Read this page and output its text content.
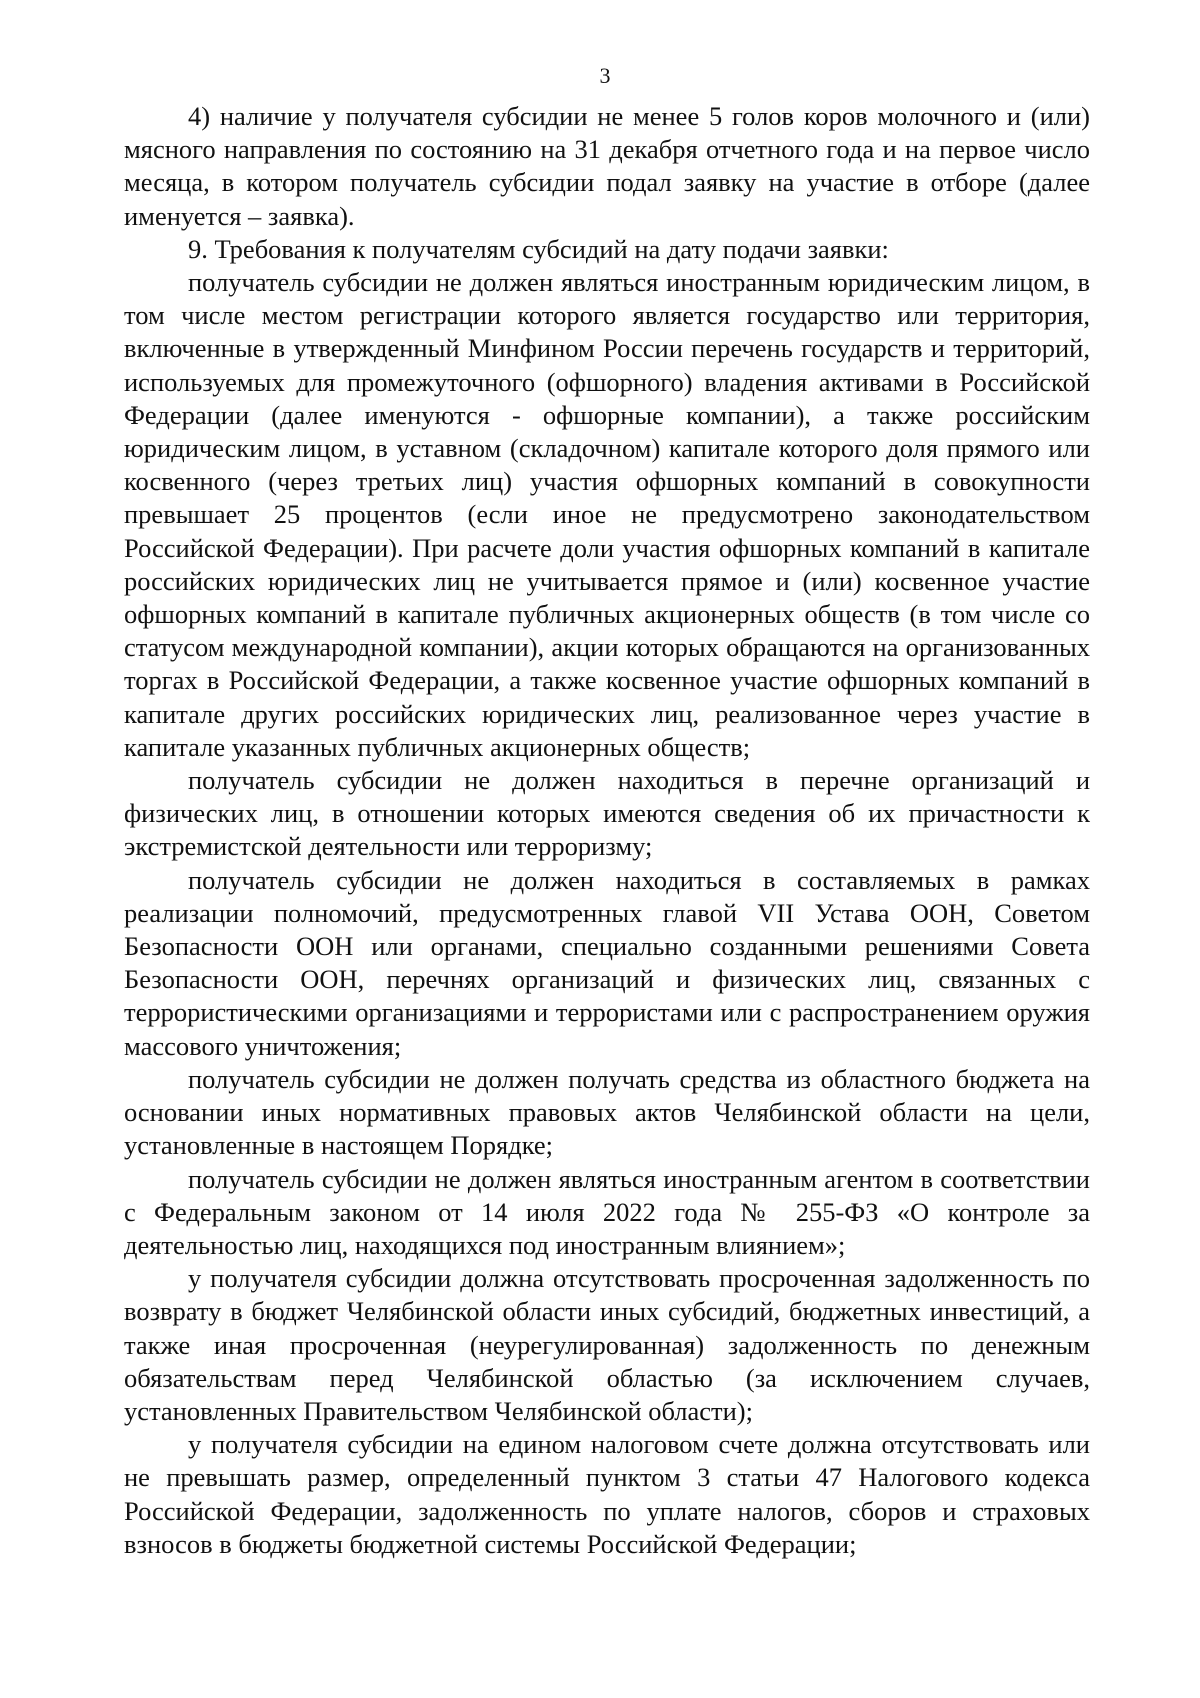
3

4) наличие у получателя субсидии не менее 5 голов коров молочного и (или) мясного направления по состоянию на 31 декабря отчетного года и на первое число месяца, в котором получатель субсидии подал заявку на участие в отборе (далее именуется – заявка).

9. Требования к получателям субсидий на дату подачи заявки:

получатель субсидии не должен являться иностранным юридическим лицом, в том числе местом регистрации которого является государство или территория, включенные в утвержденный Минфином России перечень государств и территорий, используемых для промежуточного (офшорного) владения активами в Российской Федерации (далее именуются - офшорные компании), а также российским юридическим лицом, в уставном (складочном) капитале которого доля прямого или косвенного (через третьих лиц) участия офшорных компаний в совокупности превышает 25 процентов (если иное не предусмотрено законодательством Российской Федерации). При расчете доли участия офшорных компаний в капитале российских юридических лиц не учитывается прямое и (или) косвенное участие офшорных компаний в капитале публичных акционерных обществ (в том числе со статусом международной компании), акции которых обращаются на организованных торгах в Российской Федерации, а также косвенное участие офшорных компаний в капитале других российских юридических лиц, реализованное через участие в капитале указанных публичных акционерных обществ;

получатель субсидии не должен находиться в перечне организаций и физических лиц, в отношении которых имеются сведения об их причастности к экстремистской деятельности или терроризму;

получатель субсидии не должен находиться в составляемых в рамках реализации полномочий, предусмотренных главой VII Устава ООН, Советом Безопасности ООН или органами, специально созданными решениями Совета Безопасности ООН, перечнях организаций и физических лиц, связанных с террористическими организациями и террористами или с распространением оружия массового уничтожения;

получатель субсидии не должен получать средства из областного бюджета на основании иных нормативных правовых актов Челябинской области на цели, установленные в настоящем Порядке;

получатель субсидии не должен являться иностранным агентом в соответствии с Федеральным законом от 14 июля 2022 года № 255-ФЗ «О контроле за деятельностью лиц, находящихся под иностранным влиянием»;

у получателя субсидии должна отсутствовать просроченная задолженность по возврату в бюджет Челябинской области иных субсидий, бюджетных инвестиций, а также иная просроченная (неурегулированная) задолженность по денежным обязательствам перед Челябинской областью (за исключением случаев, установленных Правительством Челябинской области);

у получателя субсидии на едином налоговом счете должна отсутствовать или не превышать размер, определенный пунктом 3 статьи 47 Налогового кодекса Российской Федерации, задолженность по уплате налогов, сборов и страховых взносов в бюджеты бюджетной системы Российской Федерации;
